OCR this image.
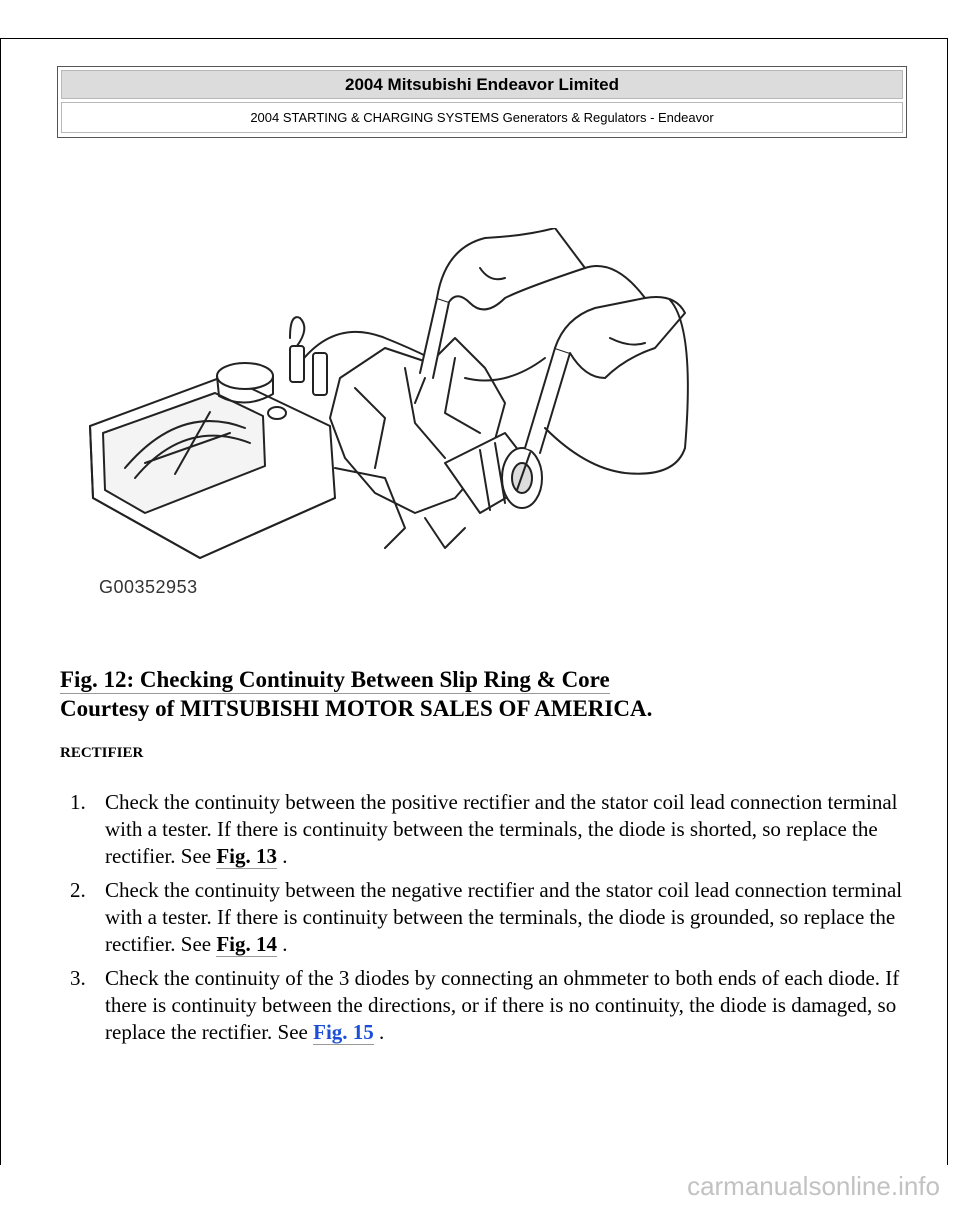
2004 Mitsubishi Endeavor Limited
2004 STARTING & CHARGING SYSTEMS Generators & Regulators - Endeavor
G00352953
Fig. 12: Checking Continuity Between Slip Ring & Core
Courtesy of MITSUBISHI MOTOR SALES OF AMERICA.
RECTIFIER
1. Check the continuity between the positive rectifier and the stator coil lead connection terminal with a tester. If there is continuity between the terminals, the diode is shorted, so replace the rectifier. See Fig. 13 .
2. Check the continuity between the negative rectifier and the stator coil lead connection terminal with a tester. If there is continuity between the terminals, the diode is grounded, so replace the rectifier. See Fig. 14 .
3. Check the continuity of the 3 diodes by connecting an ohmmeter to both ends of each diode. If there is continuity between the directions, or if there is no continuity, the diode is damaged, so replace the rectifier. See Fig. 15 .
carmanualsonline.info
